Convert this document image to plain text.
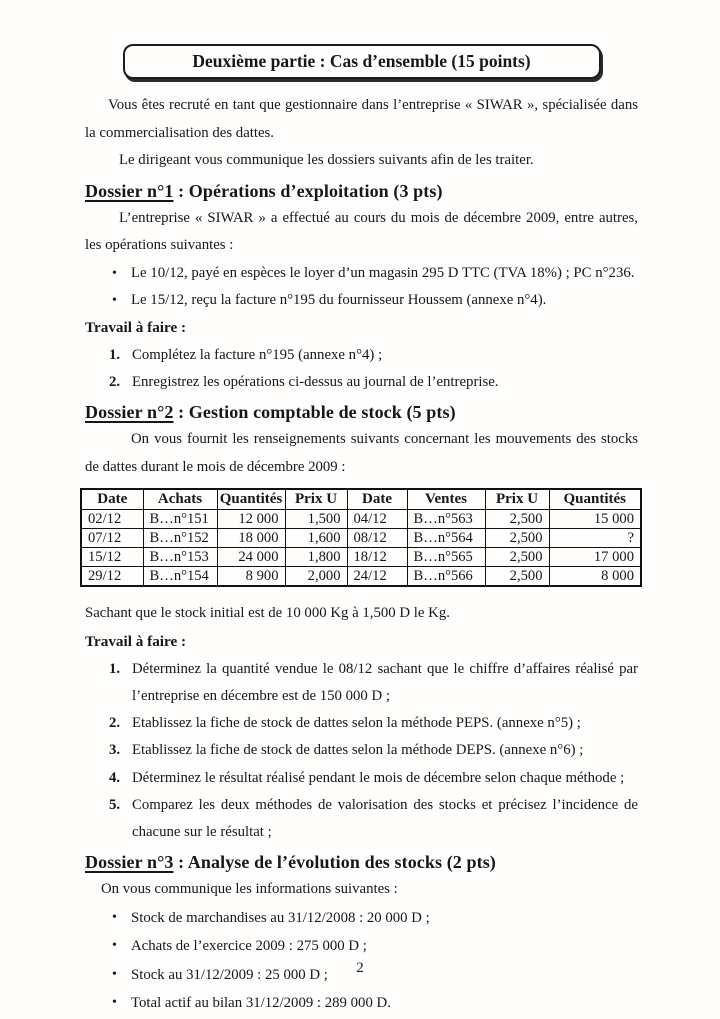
Deuxième partie : Cas d’ensemble (15 points)

Vous êtes recruté en tant que gestionnaire dans l’entreprise « SIWAR », spécialisée dans la commercialisation des dattes.

Le dirigeant vous communique les dossiers suivants afin de les traiter.

Dossier n°1 : Opérations d’exploitation (3 pts)

L’entreprise « SIWAR » a effectué au cours du mois de décembre 2009, entre autres, les opérations suivantes :

• Le 10/12, payé en espèces le loyer d’un magasin 295 D TTC (TVA 18%) ; PC n°236.
• Le 15/12, reçu la facture n°195 du fournisseur Houssem (annexe n°4).
Travail à faire :
1. Complétez la facture n°195 (annexe n°4) ;
2. Enregistrez les opérations ci-dessus au journal de l’entreprise.
Dossier n°2 : Gestion comptable de stock (5 pts)

On vous fournit les renseignements suivants concernant les mouvements des stocks de dattes durant le mois de décembre 2009 :

Date	Achats	Quantités	Prix U	Date	Ventes	Prix U	Quantités
02/12	B…n°151	12 000	1,500	04/12	B…n°563	2,500	15 000
07/12	B…n°152	18 000	1,600	08/12	B…n°564	2,500	?
15/12	B…n°153	24 000	1,800	18/12	B…n°565	2,500	17 000
29/12	B…n°154	8 900	2,000	24/12	B…n°566	2,500	8 000

Sachant que le stock initial est de 10 000 Kg à 1,500 D le Kg.

Travail à faire :
1. Déterminez la quantité vendue le 08/12 sachant que le chiffre d’affaires réalisé par l’entreprise en décembre est de 150 000 D ;
2. Etablissez la fiche de stock de dattes selon la méthode PEPS. (annexe n°5) ;
3. Etablissez la fiche de stock de dattes selon la méthode DEPS. (annexe n°6) ;
4. Déterminez le résultat réalisé pendant le mois de décembre selon chaque méthode ;
5. Comparez les deux méthodes de valorisation des stocks et précisez l’incidence de chacune sur le résultat ;
Dossier n°3 : Analyse de l’évolution des stocks (2 pts)

On vous communique les informations suivantes :

• Stock de marchandises au 31/12/2008 : 20 000 D ;
• Achats de l’exercice 2009 : 275 000 D ;
• Stock au 31/12/2009 : 25 000 D ;
• Total actif au bilan 31/12/2009 : 289 000 D.
2
